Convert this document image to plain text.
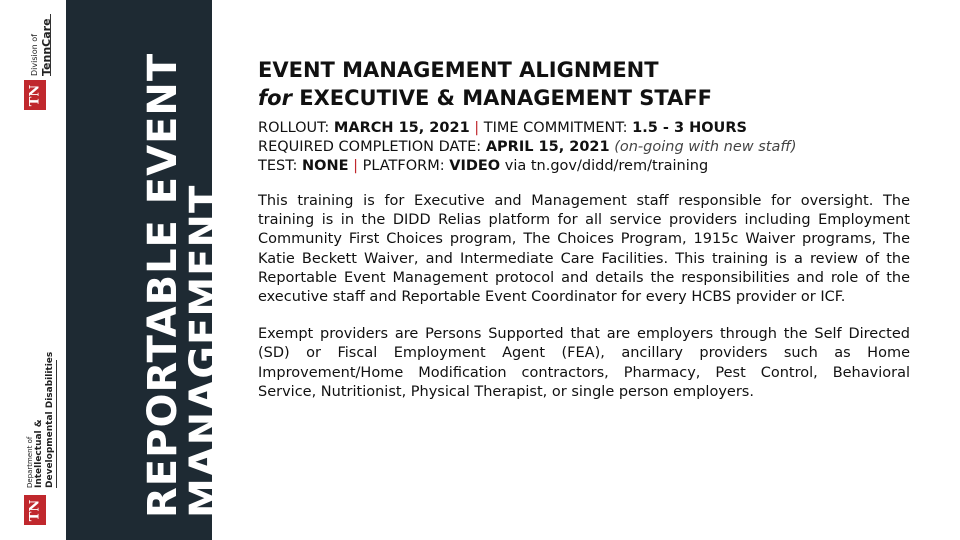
Division of TennCare
TN
Department of Intellectual & Developmental Disabilities
TN REPORTABLE EVENT
MANAGEMENT
EVENT MANAGEMENT ALIGNMENT
for EXECUTIVE & MANAGEMENT STAFF
ROLLOUT: MARCH 15, 2021 | TIME COMMITMENT: 1.5 - 3 HOURS
REQUIRED COMPLETION DATE: APRIL 15, 2021 (on-going with new staff)
TEST: NONE | PLATFORM: VIDEO via tn.gov/didd/rem/training

This training is for Executive and Management staff responsible for oversight. The training is in the DIDD Relias platform for all service providers including Employment Community First Choices program, The Choices Program, 1915c Waiver programs, The Katie Beckett Waiver, and Intermediate Care Facilities. This training is a review of the Reportable Event Management protocol and details the responsibilities and role of the executive staff and Reportable Event Coordinator for every HCBS provider or ICF.

Exempt providers are Persons Supported that are employers through the Self Directed (SD) or Fiscal Employment Agent (FEA), ancillary providers such as Home Improvement/Home Modification contractors, Pharmacy, Pest Control, Behavioral Service, Nutritionist, Physical Therapist, or single person employers.
